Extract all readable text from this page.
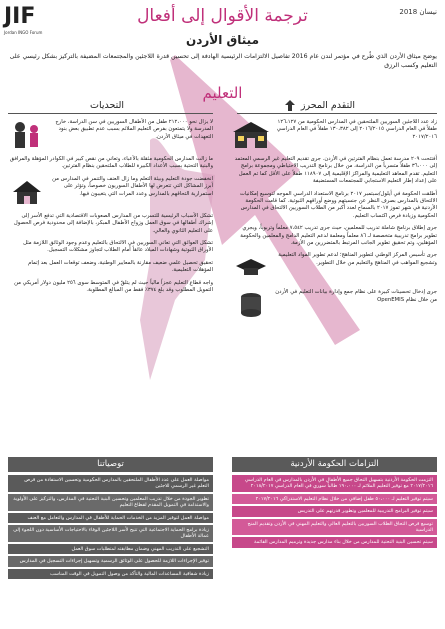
JIF
Jordan INGO Forum
نيسان 2018
ترجمة الأقوال إلى أفعال
ميثاق الأردن
يوضح ميثاق الأردن الذي طُرح في مؤتمر لندن عام 2016 تفاصيل الالتزامات الرئيسية الهادفة إلى تحسين قدرة اللاجئين والمجتمعات المضيفة بالتركيز بشكل رئيسي على التعليم وكسب الرزق
التعليم
التقدم المحرز

زاد عدد اللاجئين السوريين الملتحقين في المدارس الحكومية من ١٢٦،١٢٧ طفلاً في العام الدراسي ٢٠١٦/٢٠١٥ إلى ١٣٠،٣٨٢ طفلاً في العام الدراسي ٢٠١٧/٢٠١٦

أفتتحت ٢٠٩ مدرسة تعمل بنظام الفترتين في الأردن. جرى تقديم التعليم غير الرسمي المعتمد إلى ٣٦،٠٠٠ طفلاً متسرباً من الدراسة، من خلال برنامج التدريب الاحتياطي ومجموعة برامج التعليم. تقدم المعاهد التعليمية والمراكز الإقليمية إلى ١١٨٩٠٧ طفلاً على الأقل كما تم العمل على إعداد إطار التعليم الاستجابي للمجتمعات المستضيفة

أطلقت الحكومة في أيلول/سبتمبر ٢٠١٧ برنامج الاستعداد الدراسي الموجه لتوسيع إمكانيات الالتحاق بالمدارس بصرف النظر عن جنسيتهم ووضع أوراقهم الثبوتية. كما قامت الحكومة الأردنية في شهر تموز ٢٠١٧ بالسماح لعدد أكبر من الطلاب السوريين الالتحاق في المدارس الحكومية وزيادة فرص اكتساب التعليم.

جرى إطلاق برنامج شاملة تدريب للمعلمين، حيث جرى تدريب ٧،٥٤٢ معلماً وتربوياً، ويجري تطوير برامج تدريبية متخصصة لـ ٨٦ معلماً ومعلمة لدعم التعليم الدامج والمعلمين والحكومة المؤهلين، وتم تحقيق تطوير الجانب المرتبط بالمتضررين من الأزمة.

جرى تأسيس المركز الوطني لتطوير المناهج؛ لدعم تطوير المواد التعليمية وتشجيع المواهب في المناهج والتعليم من خلال التطوير.

جرى إدخال تحسينات كبيرة على نظام جمع وإدارة بيانات التعليم في الأردن من خلال نظام OpenEMIS

التحديات

لا يزال نحو ٢١٢،٠٠٠ طفل من الأطفال السوريين في سن الدراسة، خارج المدرسة ولا يتمتعون بفرص التعليم الملائم بسبب عدم تطبيق بعض بنود التعهدات في ميثاق الأردن.

ما زالت المدارس الحكومية مثقلة بالأعباء، وتعاني من نقص كبير في الكوادر المؤهلة والمرافق والبنية التحتية بسبب الأعداد الكبيرة للطلاب الملتحقين بنظام الفترتين.

انخفضت جودة التعليم وبيئة التعلم وما زال العنف والتنمر في المدارس من أبرز المشاكل التي تتعرض لها الأطفال السوريون خصوصاً، وتؤثر على استمرارية التحاقهم بالمدارس وعدد المرات التي يتغيبون فيها.

تشكل الأسباب الرئيسية للتسرب من المدارس الصعوبات الاقتصادية التي تدفع الأسر إلى إشراك أطفالها في سوق العمل وزواج الأطفال المبكر، بالإضافة إلى محدودية فرص الحصول على التعليم الثانوي والعالي.

تشكل العوائق التي تعاني السوريين في الالتحاق بالتعليم وعدم وجود الوثائق اللازمة مثل الأوراق الثبوتية وشهادات الميلاد عائقاً أمام الطلاب لتجاوز مشكلات التسجيل.

تحقيق تحصيل علمي ضعيف مقارنة بالمعايير الوطنية، وضعف توقعات العمل بعد إتمام المؤهلات التعليمية.

واجه قطاع التعليم عجزاً مالياً حيث لم يتلقّ في المتوسط سوى ٢٥٦ مليون دولار أمريكي من التمويل المطلوب وقد بلغ ٣٧٤٪ فقط من المبالغ المطلوبة.

توصياتنا	التزامات الحكومة الأردنية
مواصلة العمل على عدد الأطفال الملتحقين بالمدارس الحكومية وتحسين الاستفادة من فرص التعلم غير الرسمي للاجئين
تطوير الجودة من خلال تدريب المعلمين وتحسين البنية التحتية في المدارس، والتركيز على الأولوية والاستدامة في التمويل المقدم لقطاع التعليم
مواصلة العمل لتوفير المزيد من الخدمات الحماية للأطفال في المدارس والتعامل مع العنف
زيادة برامج الحماية الاجتماعية التي تتيح لأسر اللاجئين الوفاء بالاحتياجات الأساسية دون اللجوء إلى عمالة الأطفال
التشجيع على التدريب المهني وضمان مطابقته لمتطلبات سوق العمل
توفير الإجراءات اللازمة للحصول على الوثائق الرسمية وتسهيل إجراءات التسجيل في المدارس
زيادة شفافية المساعدات المالية والتأكد من وصول التمويل في الوقت المناسب
التزمت الحكومة الأردنية بتسهيل التحاق جميع الأطفال في الأردن بالمدارس في العام الدراسي ٢٠١٧/٢٠١٦ مع توفير التعليم الملائم لـ ١٩٠،٠٠٠ طالباً سوري في العام الدراسي ٢٠١٨/٢٠١٧
سيتم توفير التعليم لـ ٥٠،٠٠٠ طفل إضافي من خلال نظام التعليم الاستدراكي ٢٠١٧/٢٠١٦
سيتم توفير البرامج التدريبية للمعلمين وتطوير قدرتهم على التدريس
توسيع فرص التحاق الطلاب السوريين بالتعليم العالي والتعليم المهني في الأردن وتقديم المنح الدراسية
سيتم تحسين البنية التحتية للمدارس من خلال بناء مدارس جديدة وترميم المدارس القائمة
